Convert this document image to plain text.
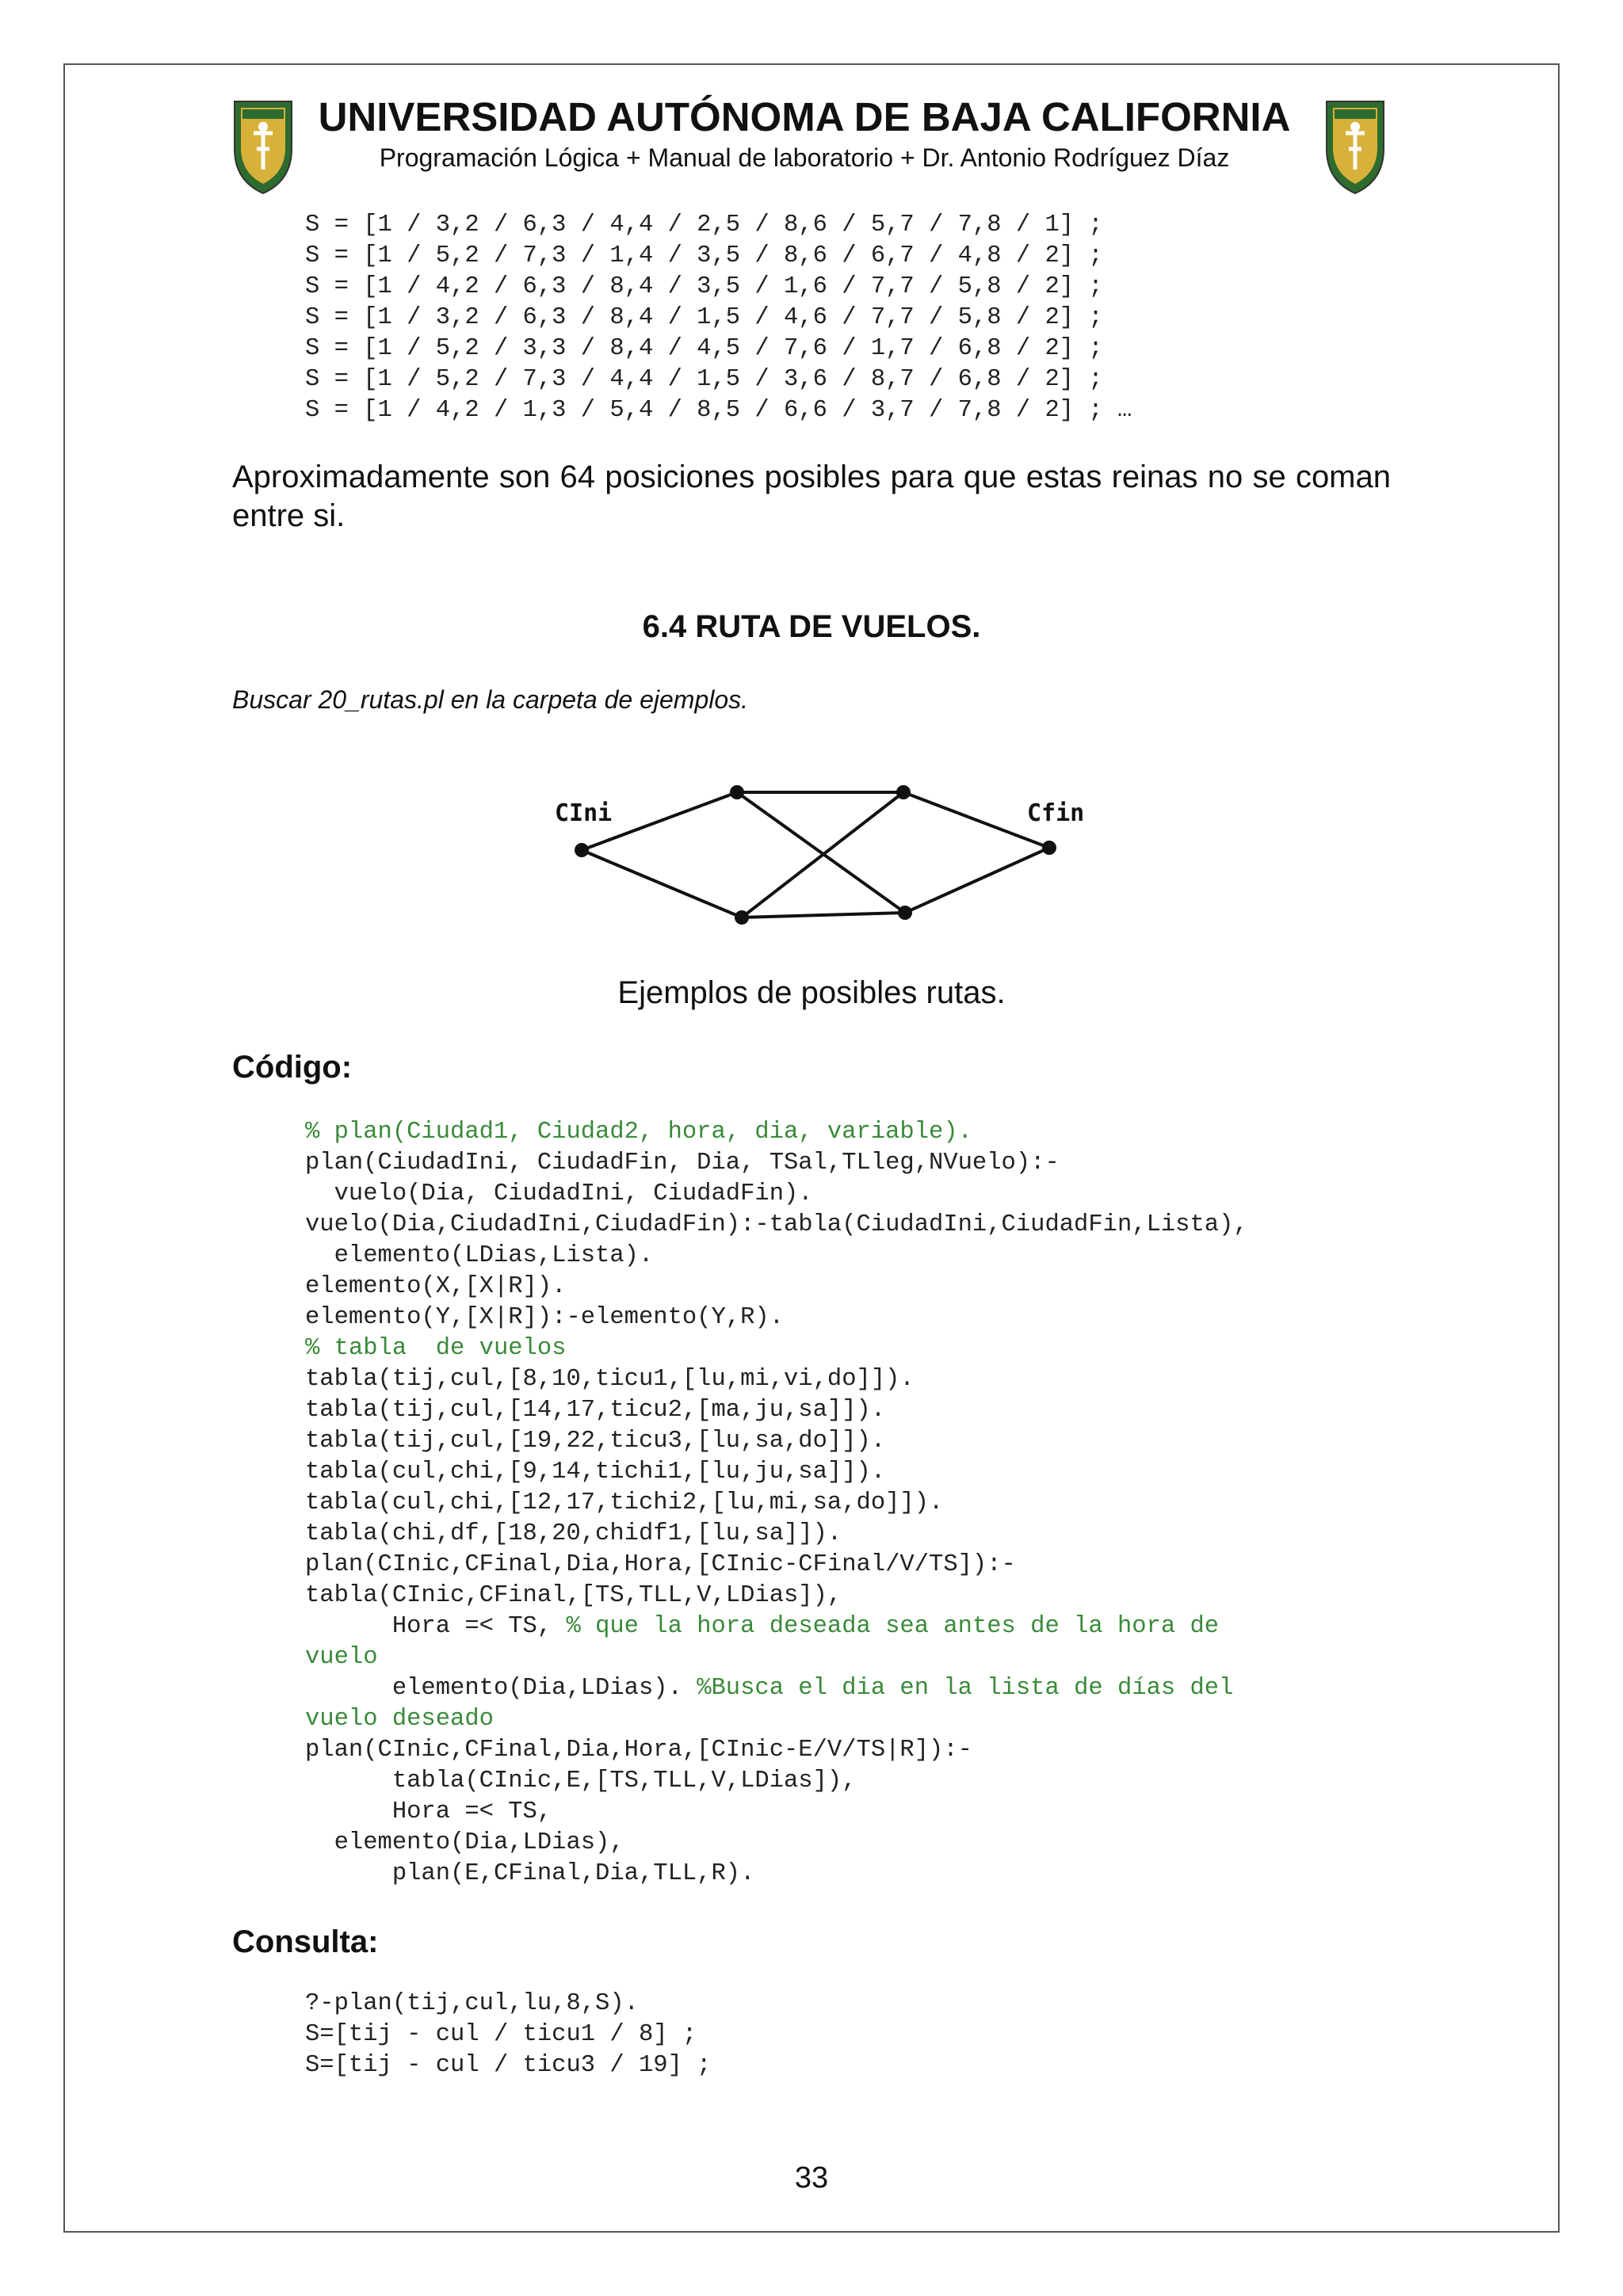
UNIVERSIDAD AUTÓNOMA DE BAJA CALIFORNIA
Programación Lógica + Manual de laboratorio + Dr. Antonio Rodríguez Díaz
S = [1 / 3,2 / 6,3 / 4,4 / 2,5 / 8,6 / 5,7 / 7,8 / 1] ;
S = [1 / 5,2 / 7,3 / 1,4 / 3,5 / 8,6 / 6,7 / 4,8 / 2] ;
S = [1 / 4,2 / 6,3 / 8,4 / 3,5 / 1,6 / 7,7 / 5,8 / 2] ;
S = [1 / 3,2 / 6,3 / 8,4 / 1,5 / 4,6 / 7,7 / 5,8 / 2] ;
S = [1 / 5,2 / 3,3 / 8,4 / 4,5 / 7,6 / 1,7 / 6,8 / 2] ;
S = [1 / 5,2 / 7,3 / 4,4 / 1,5 / 3,6 / 8,7 / 6,8 / 2] ;
S = [1 / 4,2 / 1,3 / 5,4 / 8,5 / 6,6 / 3,7 / 7,8 / 2] ; …
Aproximadamente son 64 posiciones posibles para que estas reinas no se coman entre si.
6.4 RUTA DE VUELOS.
Buscar 20_rutas.pl en la carpeta de ejemplos.
CIni	Cfin
Ejemplos de posibles rutas.
Código:
% plan(Ciudad1, Ciudad2, hora, dia, variable).
plan(CiudadIni, CiudadFin, Dia, TSal,TLleg,NVuelo):-
vuelo(Dia, CiudadIni, CiudadFin).
vuelo(Dia,CiudadIni,CiudadFin):-tabla(CiudadIni,CiudadFin,Lista),
elemento(LDias,Lista).
elemento(X,[X|R]).
elemento(Y,[X|R]):-elemento(Y,R).
% tabla  de vuelos
tabla(tij,cul,[8,10,ticu1,[lu,mi,vi,do]]).
tabla(tij,cul,[14,17,ticu2,[ma,ju,sa]]).
tabla(tij,cul,[19,22,ticu3,[lu,sa,do]]).
tabla(cul,chi,[9,14,tichi1,[lu,ju,sa]]).
tabla(cul,chi,[12,17,tichi2,[lu,mi,sa,do]]).
tabla(chi,df,[18,20,chidf1,[lu,sa]]).
plan(CInic,CFinal,Dia,Hora,[CInic-CFinal/V/TS]):-
tabla(CInic,CFinal,[TS,TLL,V,LDias]),
Hora =< TS, % que la hora deseada sea antes de la hora de
vuelo
elemento(Dia,LDias). %Busca el dia en la lista de días del
vuelo deseado
plan(CInic,CFinal,Dia,Hora,[CInic-E/V/TS|R]):-
tabla(CInic,E,[TS,TLL,V,LDias]),
Hora =< TS,
elemento(Dia,LDias),
plan(E,CFinal,Dia,TLL,R).
Consulta:
?-plan(tij,cul,lu,8,S).
S=[tij - cul / ticu1 / 8] ;
S=[tij - cul / ticu3 / 19] ;
33
